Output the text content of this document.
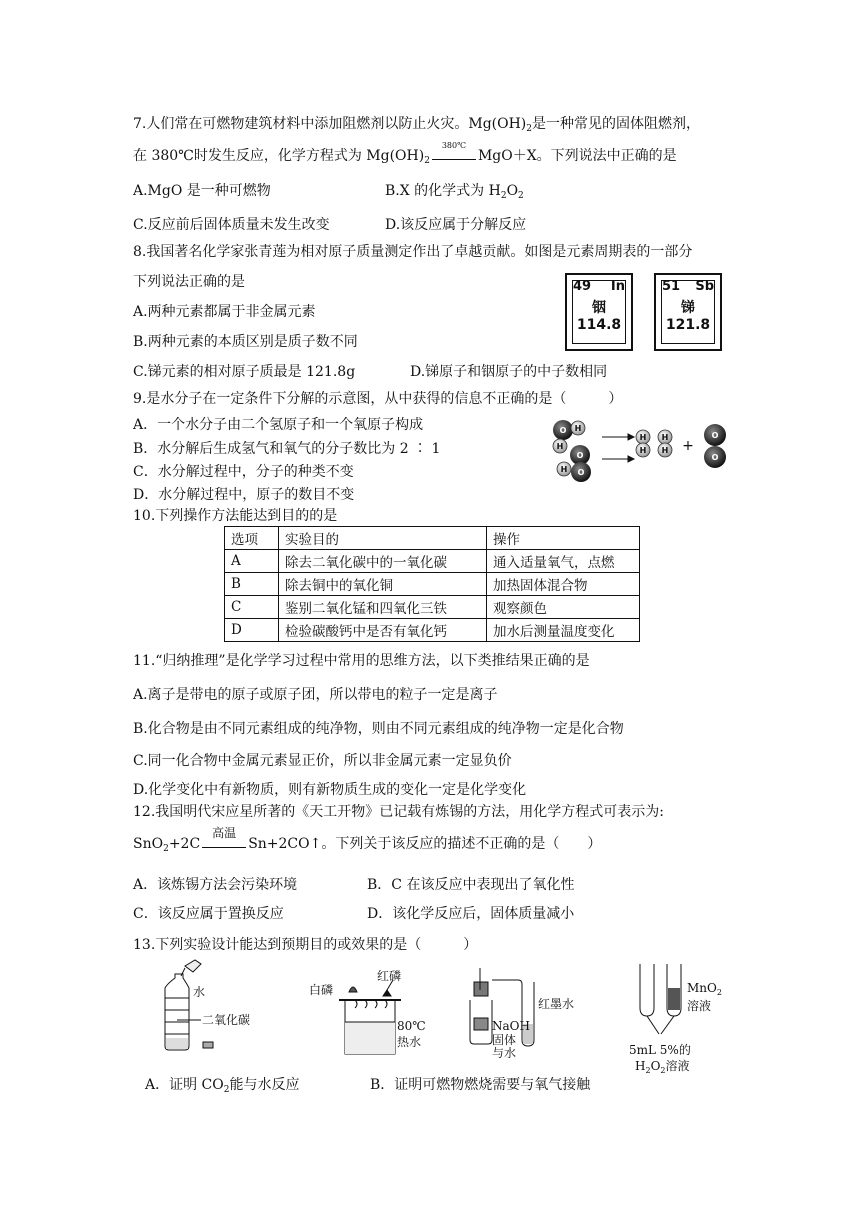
7.人们常在可燃物建筑材料中添加阻燃剂以防止火灾。$Mg(OH)_2$是一种常见的固体阻燃剂，
在 380℃时发生反应，化学方程式为 $Mg(OH)_2$
380℃
MgO＋X。下列说法中正确的是
A.MgO 是一种可燃物	B.X 的化学式为 $H_2O_2$
C.反应前后固体质量未发生改变	D.该反应属于分解反应
8.我国著名化学家张青莲为相对原子质量测定作出了卓越贡献。如图是元素周期表的一部分
下列说法正确的是
A.两种元素都属于非金属元素
B.两种元素的本质区别是质子数不同
C.锑元素的相对原子质最是 121.8g	D.锑原子和铟原子的中子数相同
49 In
铟
114.8
51 Sb
锑
121.8
9.是水分子在一定条件下分解的示意图，从中获得的信息不正确的是（　　　）
A．一个水分子由二个氢原子和一个氧原子构成
B．水分解后生成氢气和氧气的分子数比为 2 ∶ 1
C．水分解过程中，分子的种类不变
D．水分解过程中，原子的数目不变
O H
H
O
H O
H
H
H
H +
O
O
10.下列操作方法能达到目的的是
选项	实验目的	操作
A	除去二氧化碳中的一氧化碳	通入适量氧气，点燃
B	除去铜中的氧化铜	加热固体混合物
C	鉴别二氧化锰和四氧化三铁	观察颜色
D	检验碳酸钙中是否有氧化钙	加水后测量温度变化
11.“归纳推理”是化学学习过程中常用的思维方法，以下类推结果正确的是
A.离子是带电的原子或原子团，所以带电的粒子一定是离子
B.化合物是由不同元素组成的纯净物，则由不同元素组成的纯净物一定是化合物
C.同一化合物中金属元素显正价，所以非金属元素一定显负价
D.化学变化中有新物质，则有新物质生成的变化一定是化学变化
12.我国明代宋应星所著的《天工开物》已记载有炼锡的方法，用化学方程式可表示为:
SnO$_2$+2C
高温
Sn+2CO↑。下列关于该反应的描述不正确的是（　　）
A．该炼锡方法会污染环境	B．C 在该反应中表现出了氧化性
C．该反应属于置换反应	D．该化学反应后，固体质量减小
13.下列实验设计能达到预期目的或效果的是（　　　）
水
二氧化碳
白磷
红磷
80℃
热水
红墨水
NaOH
固体
与水
MnO$_2$
溶液
5mL 5%的
$H_2O_2$溶液
A．证明 $CO_2$能与水反应	B．证明可燃物燃烧需要与氧气接触
